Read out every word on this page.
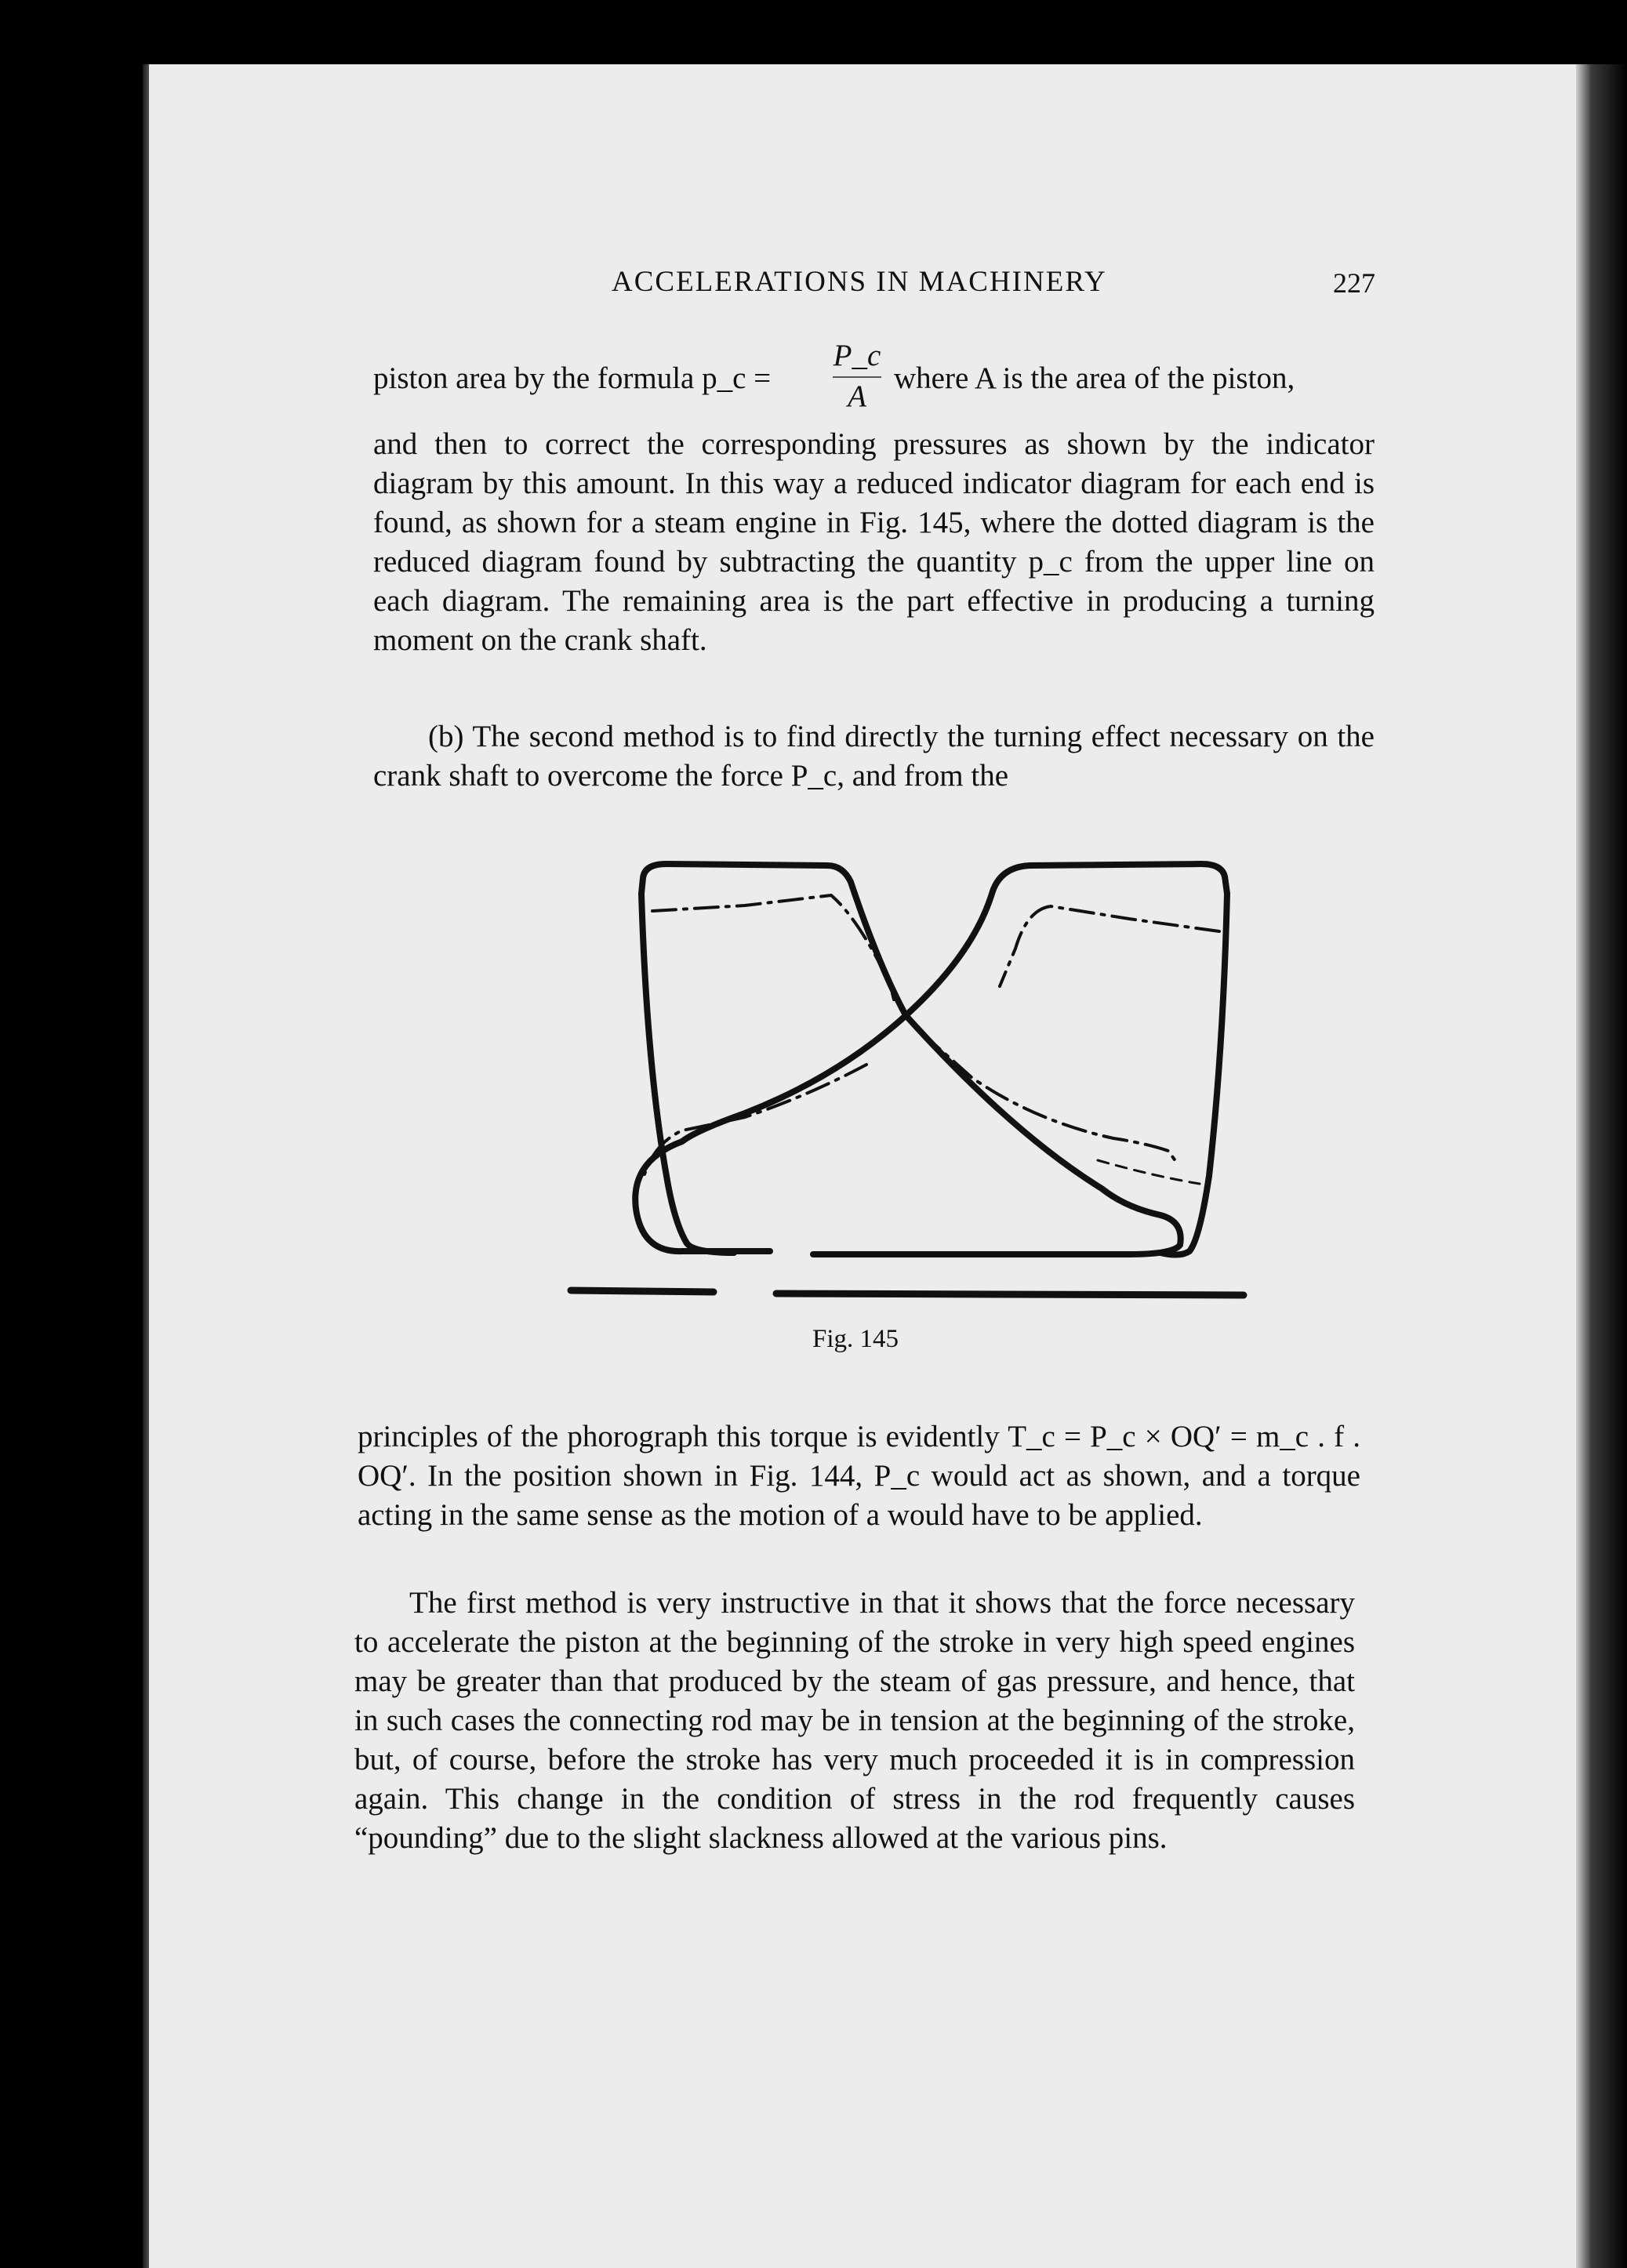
ACCELERATIONS IN MACHINERY	227
piston area by the formula p_c =
P_c
A
where A is the area of the piston,

and then to correct the corresponding pressures as shown by the indicator diagram by this amount. In this way a reduced indicator diagram for each end is found, as shown for a steam engine in Fig. 145, where the dotted diagram is the reduced diagram found by subtracting the quantity p_c from the upper line on each diagram. The remaining area is the part effective in producing a turning moment on the crank shaft.

(b) The second method is to find directly the turning effect necessary on the crank shaft to overcome the force P_c, and from the

Fig. 145

principles of the phorograph this torque is evidently T_c = P_c × OQ′ = m_c . f . OQ′. In the position shown in Fig. 144, P_c would act as shown, and a torque acting in the same sense as the motion of a would have to be applied.

The first method is very instructive in that it shows that the force necessary to accelerate the piston at the beginning of the stroke in very high speed engines may be greater than that produced by the steam of gas pressure, and hence, that in such cases the connecting rod may be in tension at the beginning of the stroke, but, of course, before the stroke has very much proceeded it is in compression again. This change in the condition of stress in the rod frequently causes “pounding” due to the slight slackness allowed at the various pins.
